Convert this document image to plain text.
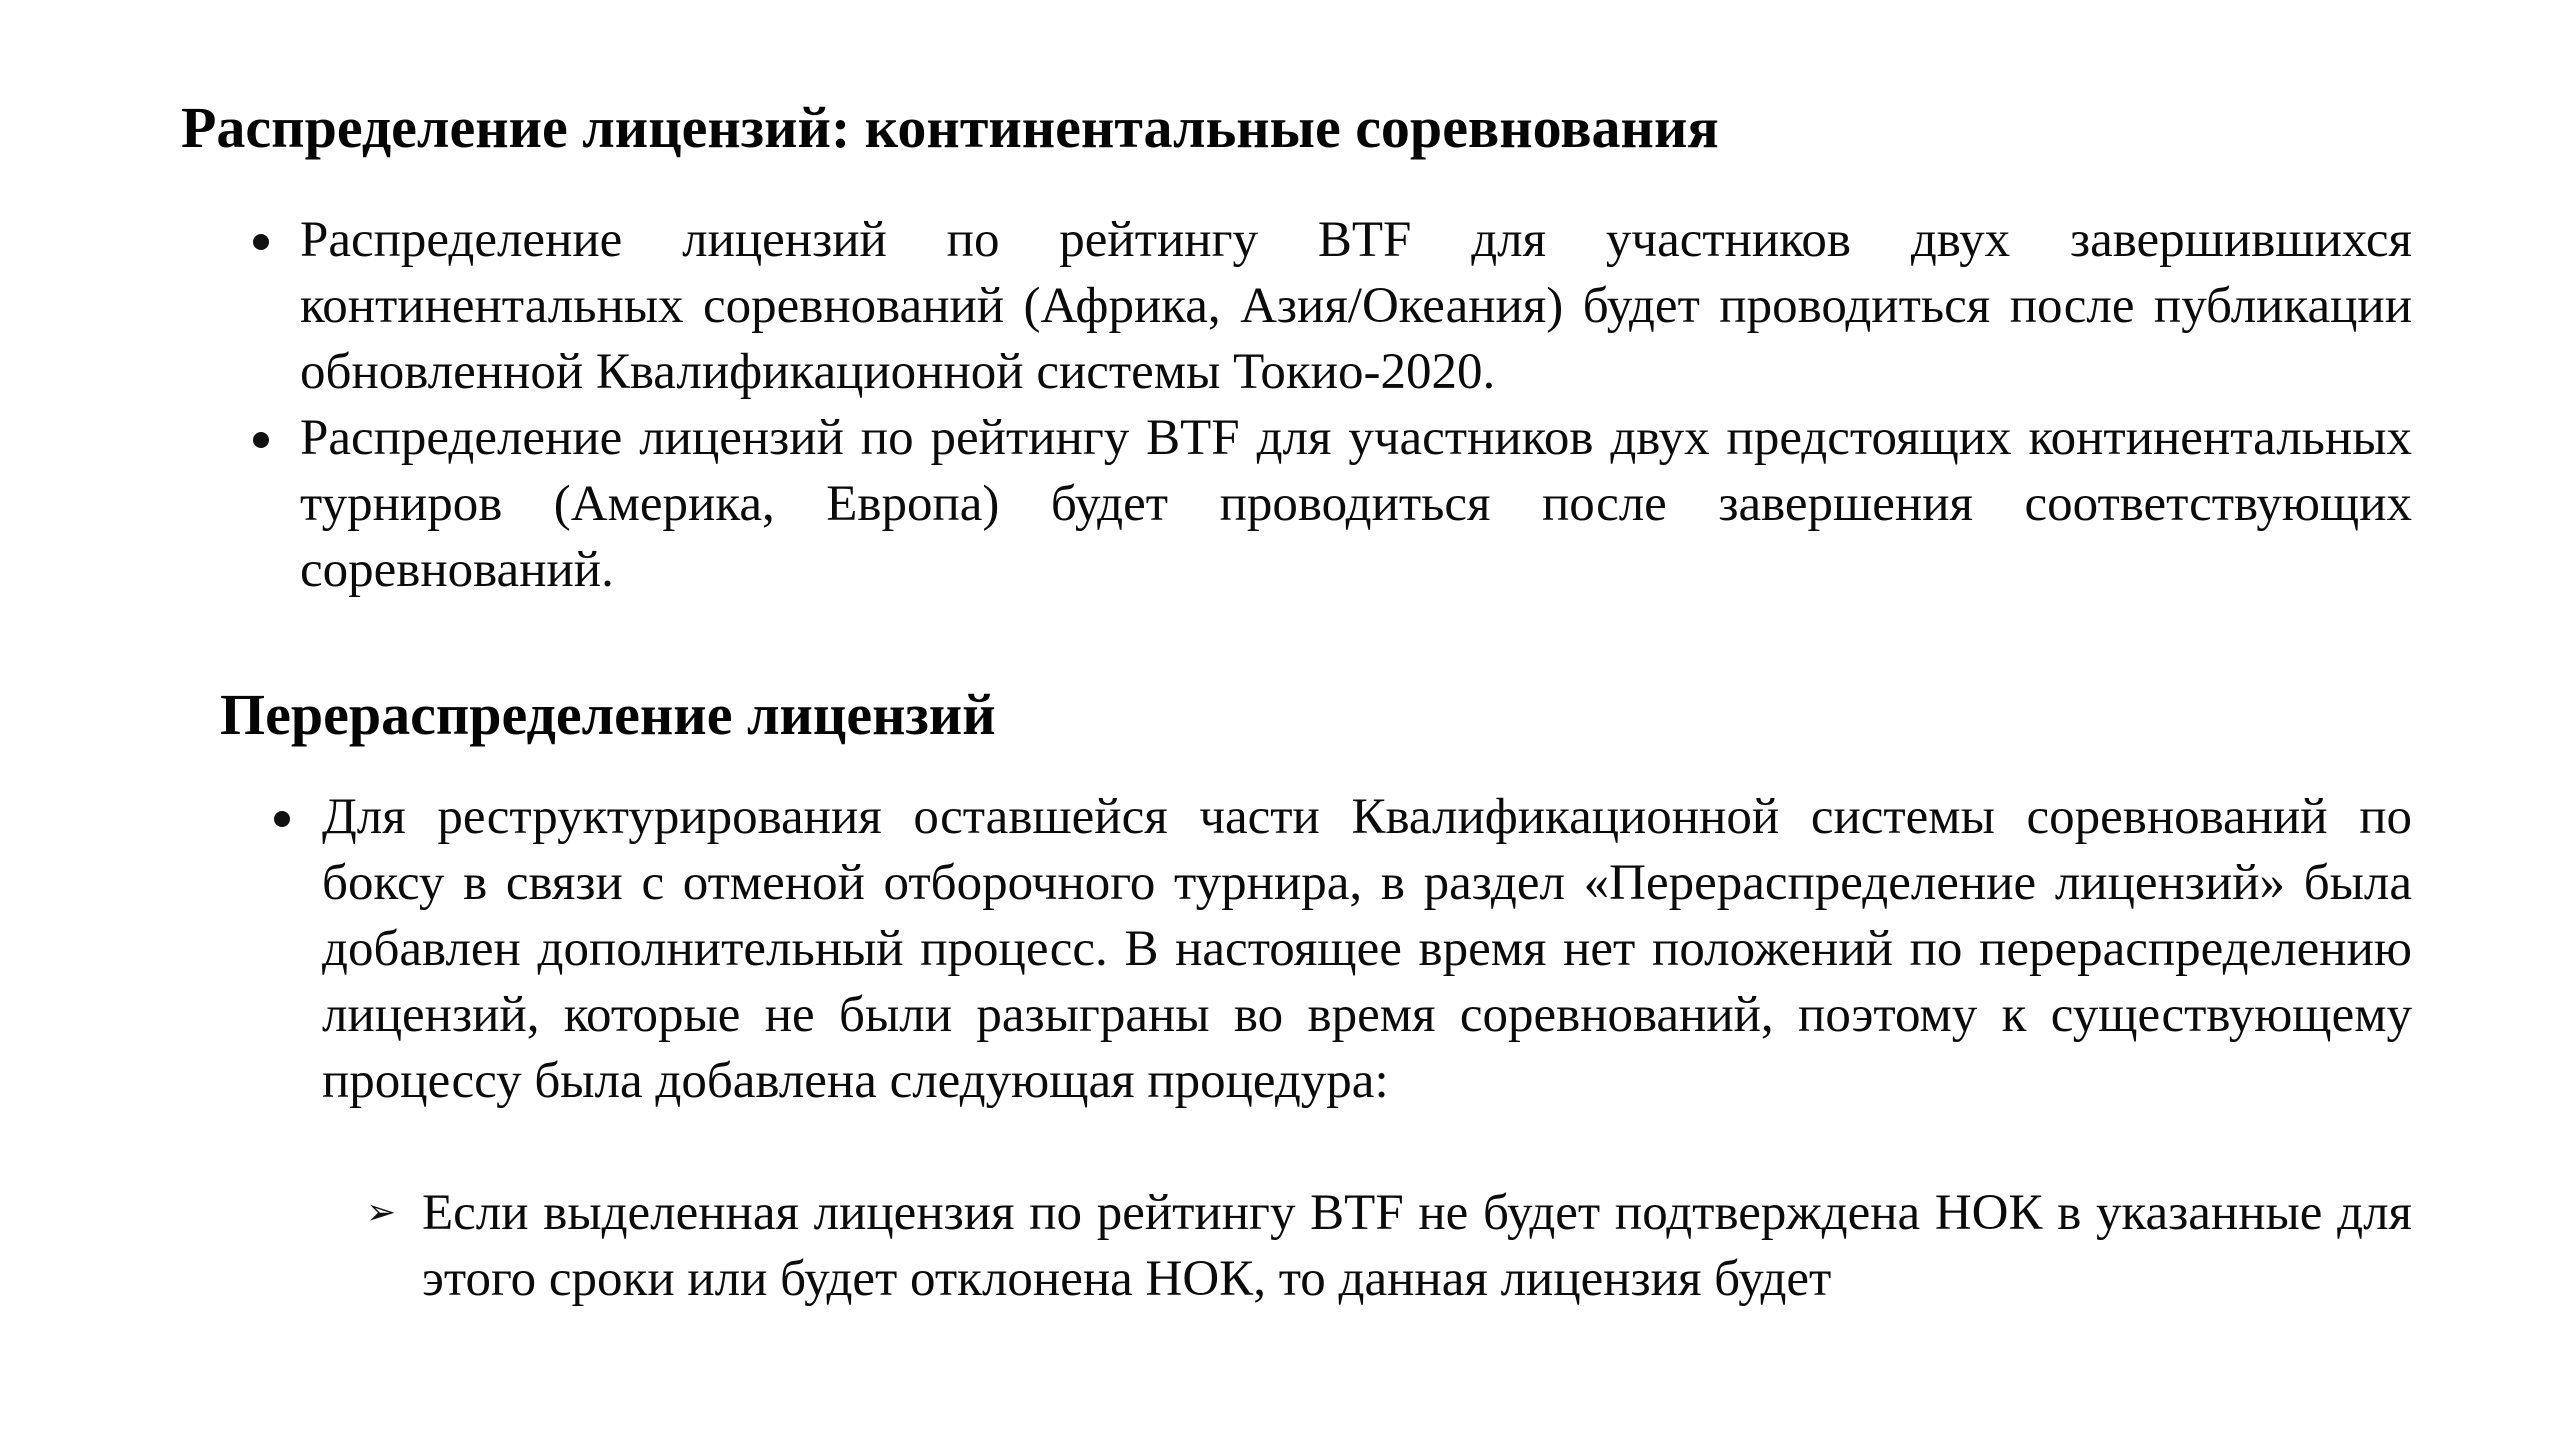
Распределение лицензий: континентальные соревнования
Распределение лицензий по рейтингу BTF для участников двух завершившихся континентальных соревнований (Африка, Азия/Океания) будет проводиться после публикации обновленной Квалификационной системы Токио-2020.
Распределение лицензий по рейтингу BTF для участников двух предстоящих континентальных турниров (Америка, Европа) будет проводиться после завершения соответствующих соревнований.
Перераспределение лицензий
Для реструктурирования оставшейся части Квалификационной системы соревнований по боксу в связи с отменой отборочного турнира, в раздел «Перераспределение лицензий» была добавлен дополнительный процесс. В настоящее время нет положений по перераспределению лицензий, которые не были разыграны во время соревнований, поэтому к существующему процессу была добавлена следующая процедура:
➢ Если выделенная лицензия по рейтингу BTF не будет подтверждена НОК в указанные для этого сроки или будет отклонена НОК, то данная лицензия будет
